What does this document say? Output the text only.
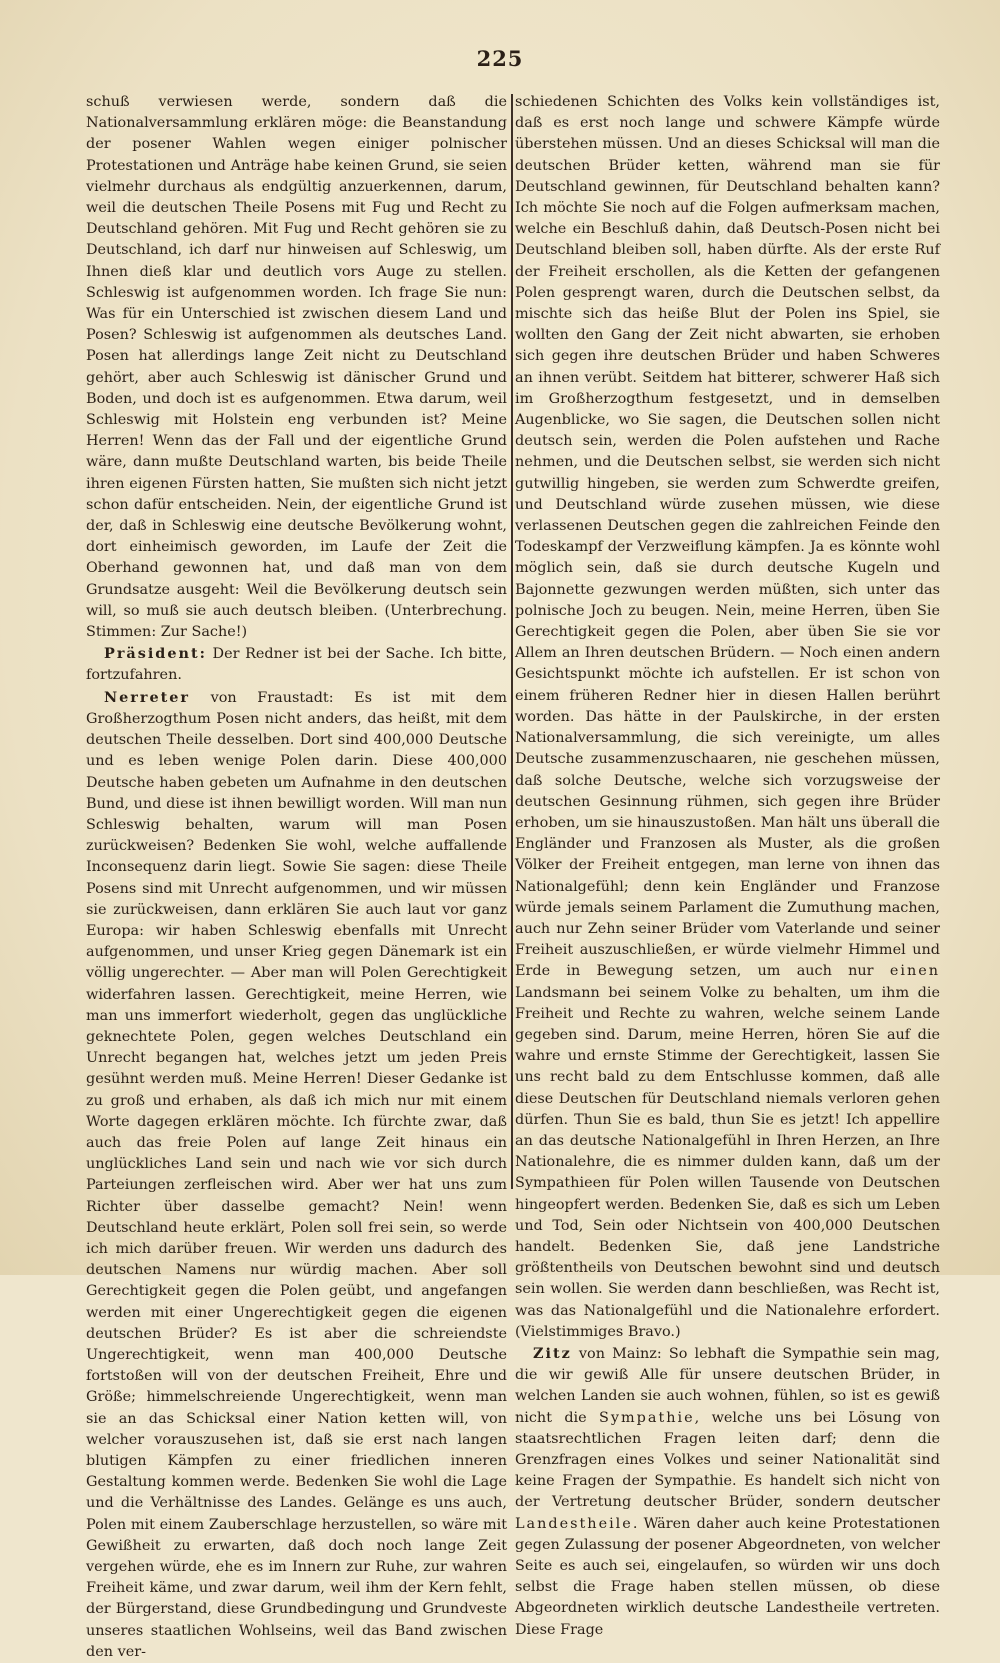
225

schuß verwiesen werde, sondern daß die Nationalversammlung erklären möge: die Beanstandung der posener Wahlen wegen einiger polnischer Protestationen und Anträge habe keinen Grund, sie seien vielmehr durchaus als endgültig anzuerkennen, darum, weil die deutschen Theile Posens mit Fug und Recht zu Deutschland gehören. Mit Fug und Recht gehören sie zu Deutschland, ich darf nur hinweisen auf Schleswig, um Ihnen dieß klar und deutlich vors Auge zu stellen. Schleswig ist aufgenommen worden. Ich frage Sie nun: Was für ein Unterschied ist zwischen diesem Land und Posen? Schleswig ist aufgenommen als deutsches Land. Posen hat allerdings lange Zeit nicht zu Deutschland gehört, aber auch Schleswig ist dänischer Grund und Boden, und doch ist es aufgenommen. Etwa darum, weil Schleswig mit Holstein eng verbunden ist? Meine Herren! Wenn das der Fall und der eigentliche Grund wäre, dann mußte Deutschland warten, bis beide Theile ihren eigenen Fürsten hatten, Sie mußten sich nicht jetzt schon dafür entscheiden. Nein, der eigentliche Grund ist der, daß in Schleswig eine deutsche Bevölkerung wohnt, dort einheimisch geworden, im Laufe der Zeit die Oberhand gewonnen hat, und daß man von dem Grundsatze ausgeht: Weil die Bevölkerung deutsch sein will, so muß sie auch deutsch bleiben. (Unterbrechung. Stimmen: Zur Sache!)

Präsident: Der Redner ist bei der Sache. Ich bitte, fortzufahren.

Nerreter von Fraustadt: Es ist mit dem Großherzogthum Posen nicht anders, das heißt, mit dem deutschen Theile desselben. Dort sind 400,000 Deutsche und es leben wenige Polen darin. Diese 400,000 Deutsche haben gebeten um Aufnahme in den deutschen Bund, und diese ist ihnen bewilligt worden. Will man nun Schleswig behalten, warum will man Posen zurückweisen? Bedenken Sie wohl, welche auffallende Inconsequenz darin liegt. Sowie Sie sagen: diese Theile Posens sind mit Unrecht aufgenommen, und wir müssen sie zurückweisen, dann erklären Sie auch laut vor ganz Europa: wir haben Schleswig ebenfalls mit Unrecht aufgenommen, und unser Krieg gegen Dänemark ist ein völlig ungerechter. — Aber man will Polen Gerechtigkeit widerfahren lassen. Gerechtigkeit, meine Herren, wie man uns immerfort wiederholt, gegen das unglückliche geknechtete Polen, gegen welches Deutschland ein Unrecht begangen hat, welches jetzt um jeden Preis gesühnt werden muß. Meine Herren! Dieser Gedanke ist zu groß und erhaben, als daß ich mich nur mit einem Worte dagegen erklären möchte. Ich fürchte zwar, daß auch das freie Polen auf lange Zeit hinaus ein unglückliches Land sein und nach wie vor sich durch Parteiungen zerfleischen wird. Aber wer hat uns zum Richter über dasselbe gemacht? Nein! wenn Deutschland heute erklärt, Polen soll frei sein, so werde ich mich darüber freuen. Wir werden uns dadurch des deutschen Namens nur würdig machen. Aber soll Gerechtigkeit gegen die Polen geübt, und angefangen werden mit einer Ungerechtigkeit gegen die eigenen deutschen Brüder? Es ist aber die schreiendste Ungerechtigkeit, wenn man 400,000 Deutsche fortstoßen will von der deutschen Freiheit, Ehre und Größe; himmelschreiende Ungerechtigkeit, wenn man sie an das Schicksal einer Nation ketten will, von welcher vorauszusehen ist, daß sie erst nach langen blutigen Kämpfen zu einer friedlichen inneren Gestaltung kommen werde. Bedenken Sie wohl die Lage und die Verhältnisse des Landes. Gelänge es uns auch, Polen mit einem Zauberschlage herzustellen, so wäre mit Gewißheit zu erwarten, daß doch noch lange Zeit vergehen würde, ehe es im Innern zur Ruhe, zur wahren Freiheit käme, und zwar darum, weil ihm der Kern fehlt, der Bürgerstand, diese Grundbedingung und Grundveste unseres staatlichen Wohlseins, weil das Band zwischen den ver-

schiedenen Schichten des Volks kein vollständiges ist, daß es erst noch lange und schwere Kämpfe würde überstehen müssen. Und an dieses Schicksal will man die deutschen Brüder ketten, während man sie für Deutschland gewinnen, für Deutschland behalten kann? Ich möchte Sie noch auf die Folgen aufmerksam machen, welche ein Beschluß dahin, daß Deutsch-Posen nicht bei Deutschland bleiben soll, haben dürfte. Als der erste Ruf der Freiheit erschollen, als die Ketten der gefangenen Polen gesprengt waren, durch die Deutschen selbst, da mischte sich das heiße Blut der Polen ins Spiel, sie wollten den Gang der Zeit nicht abwarten, sie erhoben sich gegen ihre deutschen Brüder und haben Schweres an ihnen verübt. Seitdem hat bitterer, schwerer Haß sich im Großherzogthum festgesetzt, und in demselben Augenblicke, wo Sie sagen, die Deutschen sollen nicht deutsch sein, werden die Polen aufstehen und Rache nehmen, und die Deutschen selbst, sie werden sich nicht gutwillig hingeben, sie werden zum Schwerdte greifen, und Deutschland würde zusehen müssen, wie diese verlassenen Deutschen gegen die zahlreichen Feinde den Todeskampf der Verzweiflung kämpfen. Ja es könnte wohl möglich sein, daß sie durch deutsche Kugeln und Bajonnette gezwungen werden müßten, sich unter das polnische Joch zu beugen. Nein, meine Herren, üben Sie Gerechtigkeit gegen die Polen, aber üben Sie sie vor Allem an Ihren deutschen Brüdern. — Noch einen andern Gesichtspunkt möchte ich aufstellen. Er ist schon von einem früheren Redner hier in diesen Hallen berührt worden. Das hätte in der Paulskirche, in der ersten Nationalversammlung, die sich vereinigte, um alles Deutsche zusammenzuschaaren, nie geschehen müssen, daß solche Deutsche, welche sich vorzugsweise der deutschen Gesinnung rühmen, sich gegen ihre Brüder erhoben, um sie hinauszustoßen. Man hält uns überall die Engländer und Franzosen als Muster, als die großen Völker der Freiheit entgegen, man lerne von ihnen das Nationalgefühl; denn kein Engländer und Franzose würde jemals seinem Parlament die Zumuthung machen, auch nur Zehn seiner Brüder vom Vaterlande und seiner Freiheit auszuschließen, er würde vielmehr Himmel und Erde in Bewegung setzen, um auch nur einen Landsmann bei seinem Volke zu behalten, um ihm die Freiheit und Rechte zu wahren, welche seinem Lande gegeben sind. Darum, meine Herren, hören Sie auf die wahre und ernste Stimme der Gerechtigkeit, lassen Sie uns recht bald zu dem Entschlusse kommen, daß alle diese Deutschen für Deutschland niemals verloren gehen dürfen. Thun Sie es bald, thun Sie es jetzt! Ich appellire an das deutsche Nationalgefühl in Ihren Herzen, an Ihre Nationalehre, die es nimmer dulden kann, daß um der Sympathieen für Polen willen Tausende von Deutschen hingeopfert werden. Bedenken Sie, daß es sich um Leben und Tod, Sein oder Nichtsein von 400,000 Deutschen handelt. Bedenken Sie, daß jene Landstriche größtentheils von Deutschen bewohnt sind und deutsch sein wollen. Sie werden dann beschließen, was Recht ist, was das Nationalgefühl und die Nationalehre erfordert. (Vielstimmiges Bravo.)

Zitz von Mainz: So lebhaft die Sympathie sein mag, die wir gewiß Alle für unsere deutschen Brüder, in welchen Landen sie auch wohnen, fühlen, so ist es gewiß nicht die Sympathie, welche uns bei Lösung von staatsrechtlichen Fragen leiten darf; denn die Grenzfragen eines Volkes und seiner Nationalität sind keine Fragen der Sympathie. Es handelt sich nicht von der Vertretung deutscher Brüder, sondern deutscher Landestheile. Wären daher auch keine Protestationen gegen Zulassung der posener Abgeordneten, von welcher Seite es auch sei, eingelaufen, so würden wir uns doch selbst die Frage haben stellen müssen, ob diese Abgeordneten wirklich deutsche Landestheile vertreten. Diese Frage
